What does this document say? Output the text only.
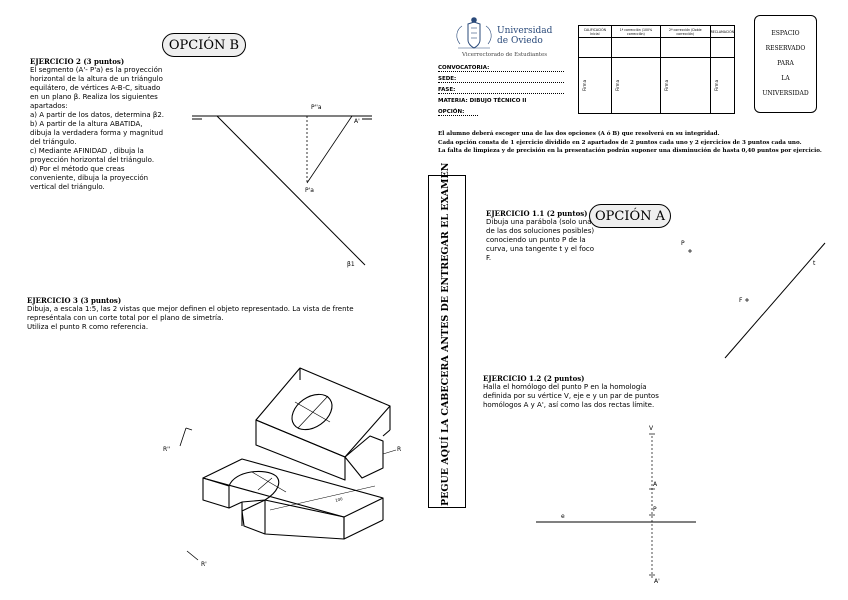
OPCIÓN B
EJERCICIO 2 (3 puntos)
El segmento (A'- P'a) es la proyección
horizontal de la altura de un triángulo
equilátero, de vértices A-B-C, situado
en un plano β. Realiza los siguientes
apartados:
a) A partir de los datos, determina β2.
b) A partir de la altura ABATIDA,
dibuja la verdadera forma y magnitud
del triángulo.
c) Mediante AFINIDAD , dibuja la
proyección horizontal del triángulo.
d) Por el método que creas
conveniente, dibuja la proyección
vertical del triángulo.
P''a
A'
P'a
β1
EJERCICIO 3 (3 puntos)
Dibuja, a escala 1:5, las 2 vistas que mejor definen el objeto representado. La vista de frente
represéntala con un corte total por el plano de simetría.
Utiliza el punto R como referencia.
R''	R
R'
100	PEGUE AQUÍ LA CABECERA ANTES DE ENTREGAR EL EXAMEN
Universidad
de Oviedo
Vicerrectorado de Estudiantes
CONVOCATORIA:
SEDE:
FASE:
MATERIA: DIBUJO TÉCNICO II
OPCIÓN:
CALIFICACIÓN Inicial	1ª corrección (100% corrección)	2ª corrección (Doble corrección)	RECLAMACIÓN

Firma	Firma	Firma	Firma
ESPACIO
RESERVADO
PARA
LA
UNIVERSIDAD
El alumno deberá escoger una de las dos opciones (A ó B) que resolverá en su integridad.
Cada opción consta de 1 ejercicio dividido en 2 apartados de 2 puntos cada uno y 2 ejercicios de 3 puntos cada uno.
La falta de limpieza y de precisión en la presentación podrán suponer una disminución de hasta 0,40 puntos por ejercicio.
OPCIÓN A
EJERCICIO 1.1 (2 puntos)
Dibuja una parábola (solo una
de las dos soluciones posibles)
conociendo un punto P de la
curva, una tangente t y el foco
F.
P
t
F
EJERCICIO 1.2 (2 puntos)
Halla el homólogo del punto P en la homología
definida por su vértice V, eje e y un par de puntos
homólogos A y A', así como las dos rectas límite.
V
A
P
e
A'
